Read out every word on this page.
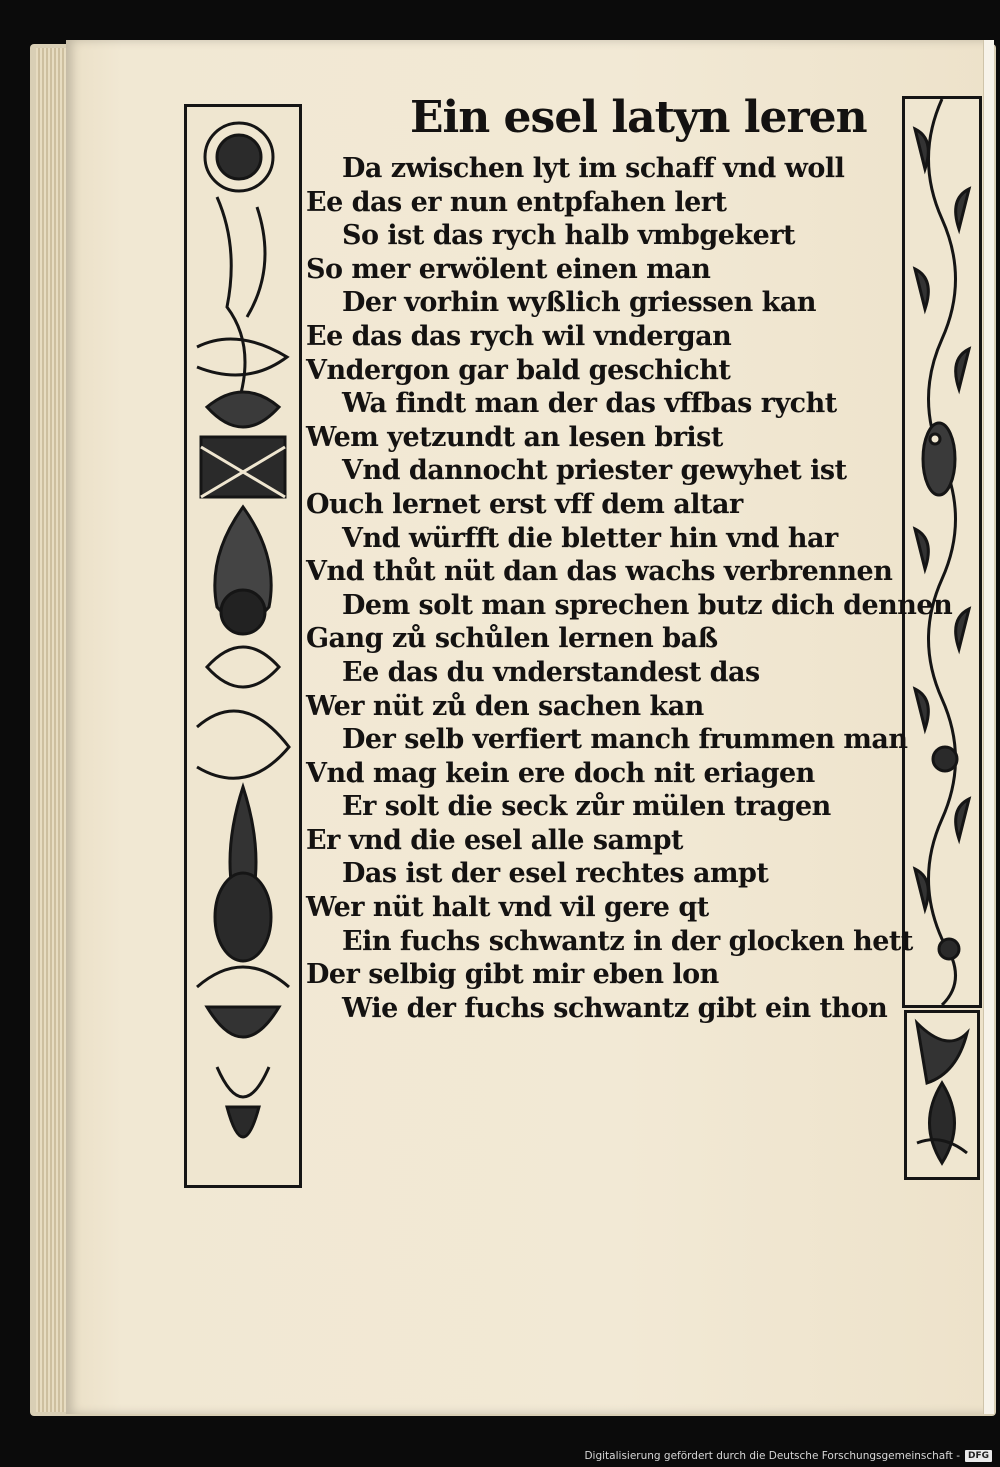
Ein esel latyn leren
Da zwischen lyt im schaff vnd woll
Ee das er nun entpfahen lert
So ist das rych halb vmbgekert
So mer erwölent einen man
Der vorhin wyßlich griessen kan
Ee das das rych wil vndergan
Vndergon gar bald geschicht
Wa findt man der das vffbas rycht
Wem yetzundt an lesen brist
Vnd dannocht priester gewyhet ist
Ouch lernet erst vff dem altar
Vnd würfft die bletter hin vnd har
Vnd thůt nüt dan das wachs verbrennen
Dem solt man sprechen butz dich dennen
Gang zů schůlen lernen baß
Ee das du vnderstandest das
Wer nüt zů den sachen kan
Der selb verfiert manch frummen man
Vnd mag kein ere doch nit eriagen
Er solt die seck zůr mülen tragen
Er vnd die esel alle sampt
Das ist der esel rechtes ampt
Wer nüt halt vnd vil gere qt
Ein fuchs schwantz in der glocken hett
Der selbig gibt mir eben lon
Wie der fuchs schwantz gibt ein thon
Digitalisierung gefördert durch die Deutsche Forschungsgemeinschaft - DFG
